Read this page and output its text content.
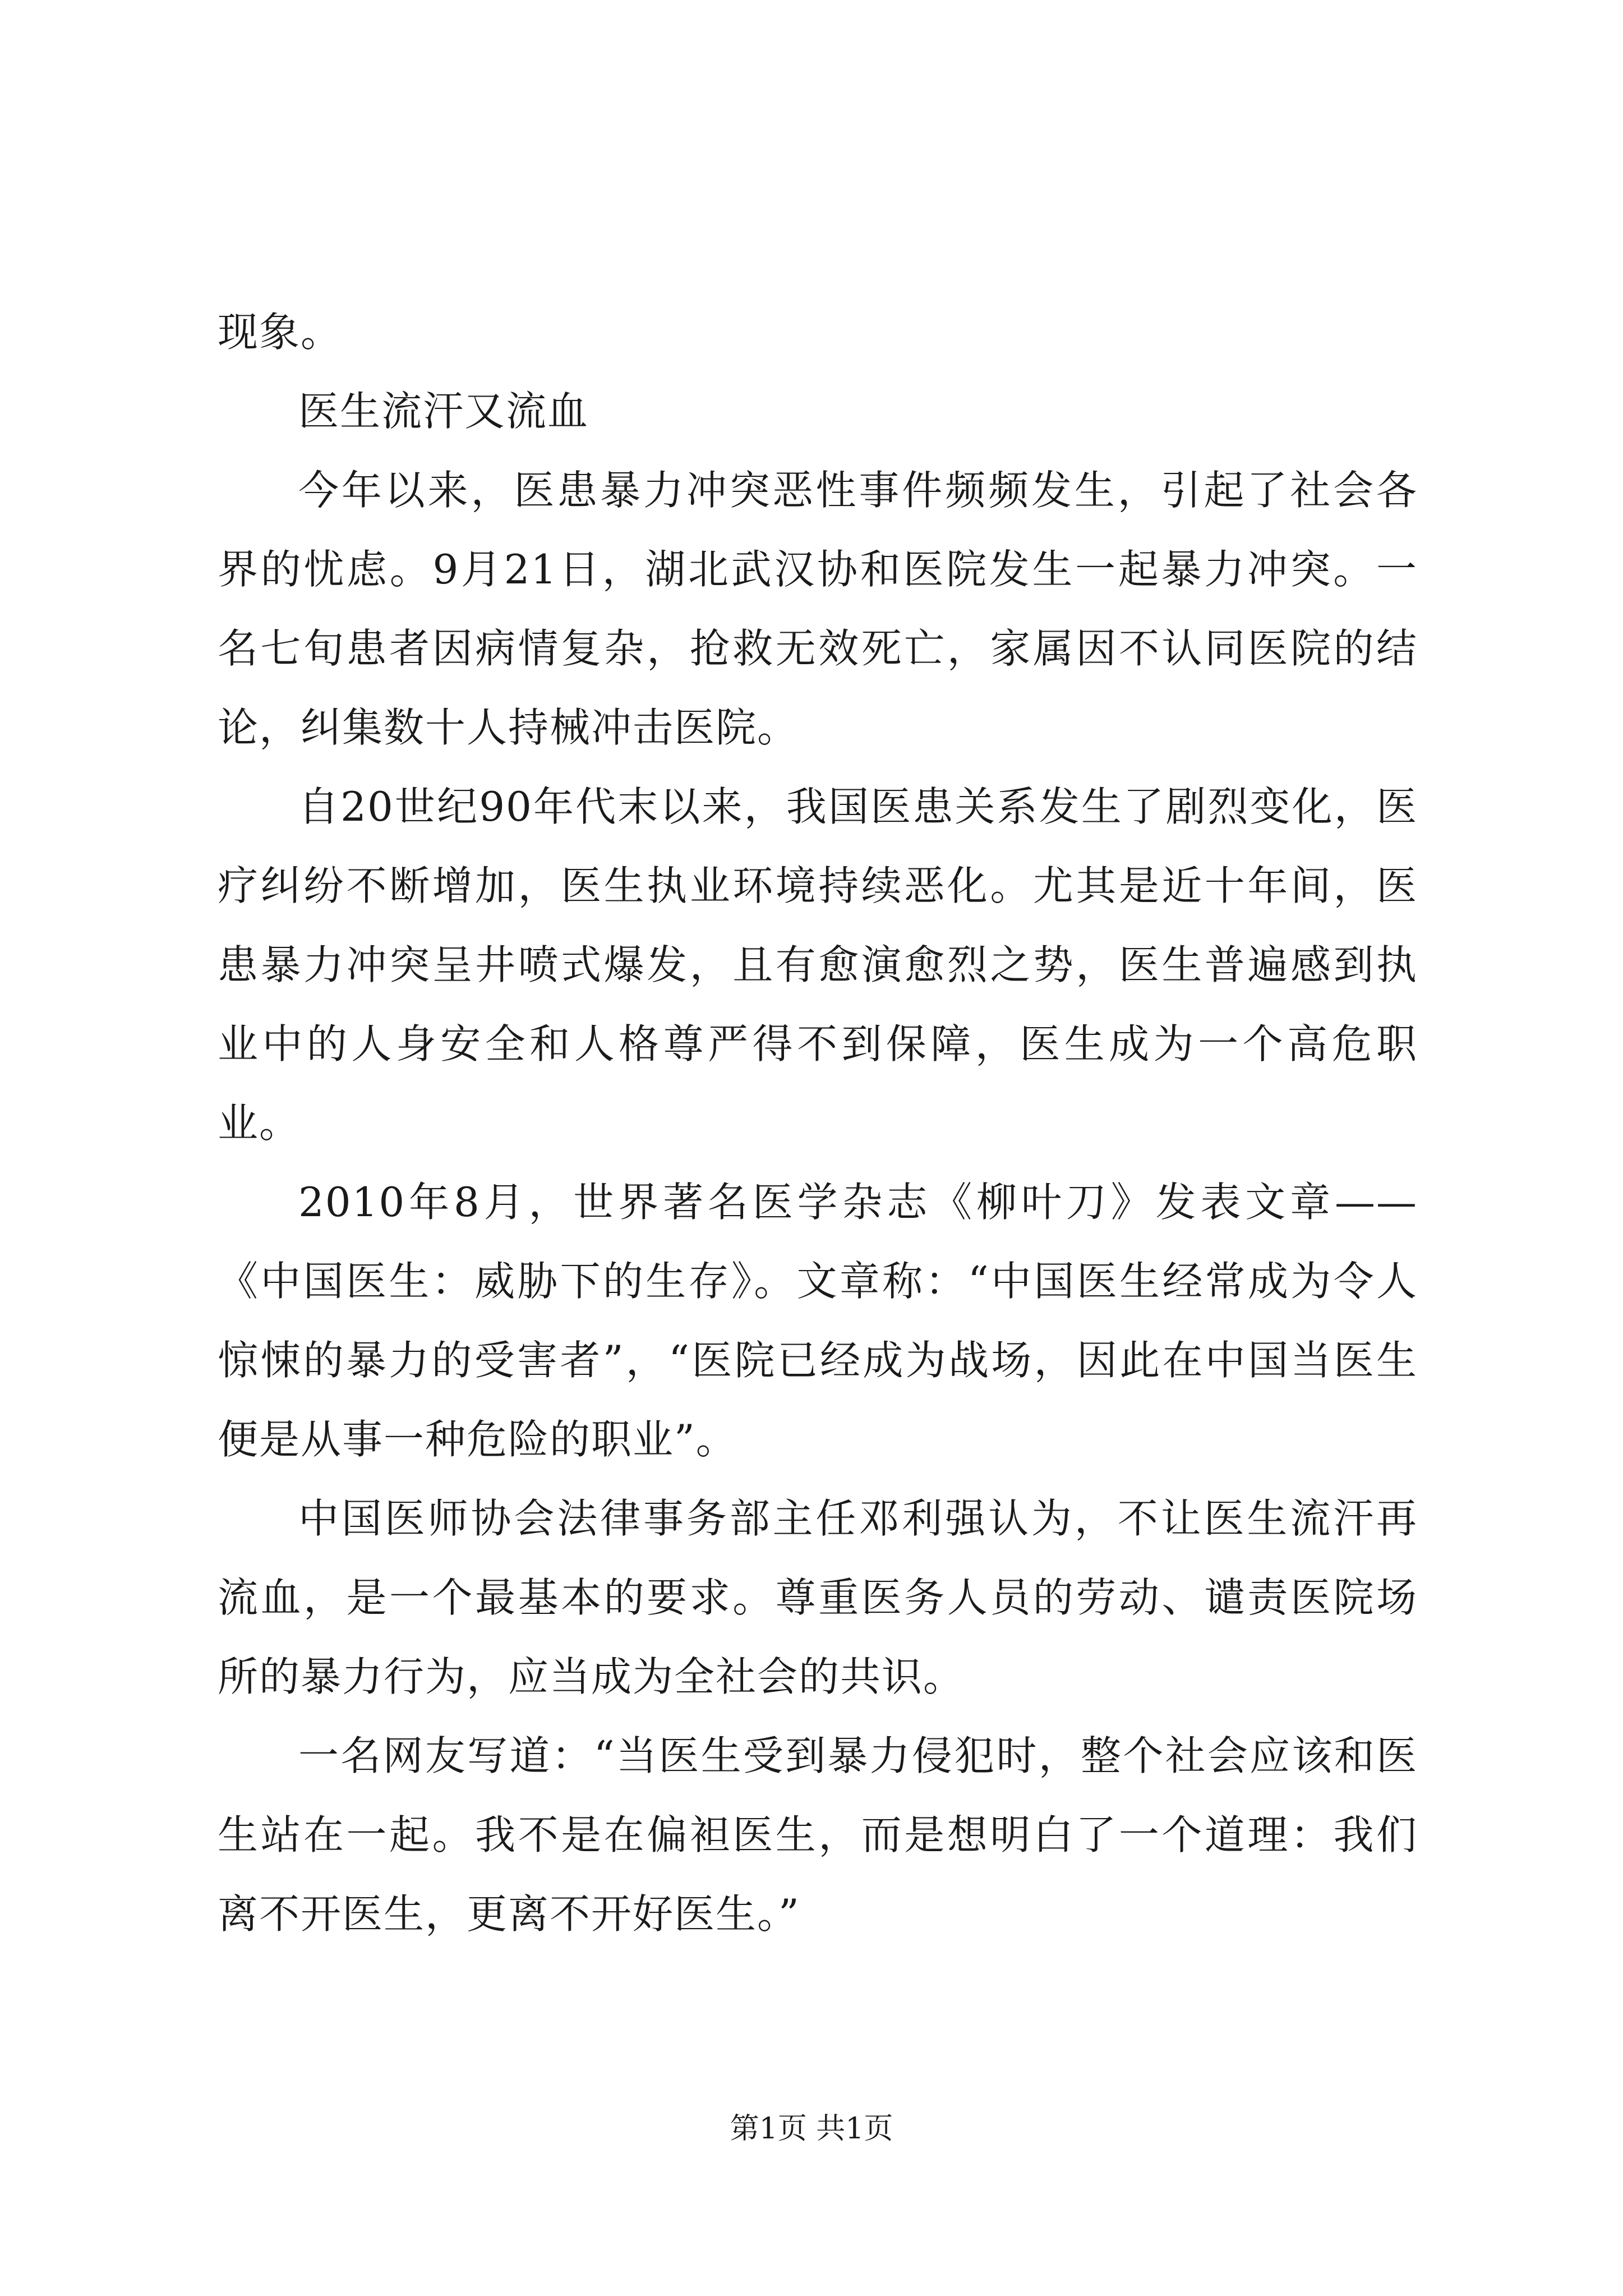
现象。

医生流汗又流血

今年以来，医患暴力冲突恶性事件频频发生，引起了社会各界的忧虑。9月21日，湖北武汉协和医院发生一起暴力冲突。一名七旬患者因病情复杂，抢救无效死亡，家属因不认同医院的结论，纠集数十人持械冲击医院。

自20世纪90年代末以来，我国医患关系发生了剧烈变化，医疗纠纷不断增加，医生执业环境持续恶化。尤其是近十年间，医患暴力冲突呈井喷式爆发，且有愈演愈烈之势，医生普遍感到执业中的人身安全和人格尊严得不到保障，医生成为一个高危职业。

2010年8月，世界著名医学杂志《柳叶刀》发表文章——《中国医生：威胁下的生存》。文章称：“中国医生经常成为令人惊悚的暴力的受害者”，“医院已经成为战场，因此在中国当医生便是从事一种危险的职业”。

中国医师协会法律事务部主任邓利强认为，不让医生流汗再流血，是一个最基本的要求。尊重医务人员的劳动、谴责医院场所的暴力行为，应当成为全社会的共识。

一名网友写道：“当医生受到暴力侵犯时，整个社会应该和医生站在一起。我不是在偏袒医生，而是想明白了一个道理：我们离不开医生，更离不开好医生。”

第1页 共1页
